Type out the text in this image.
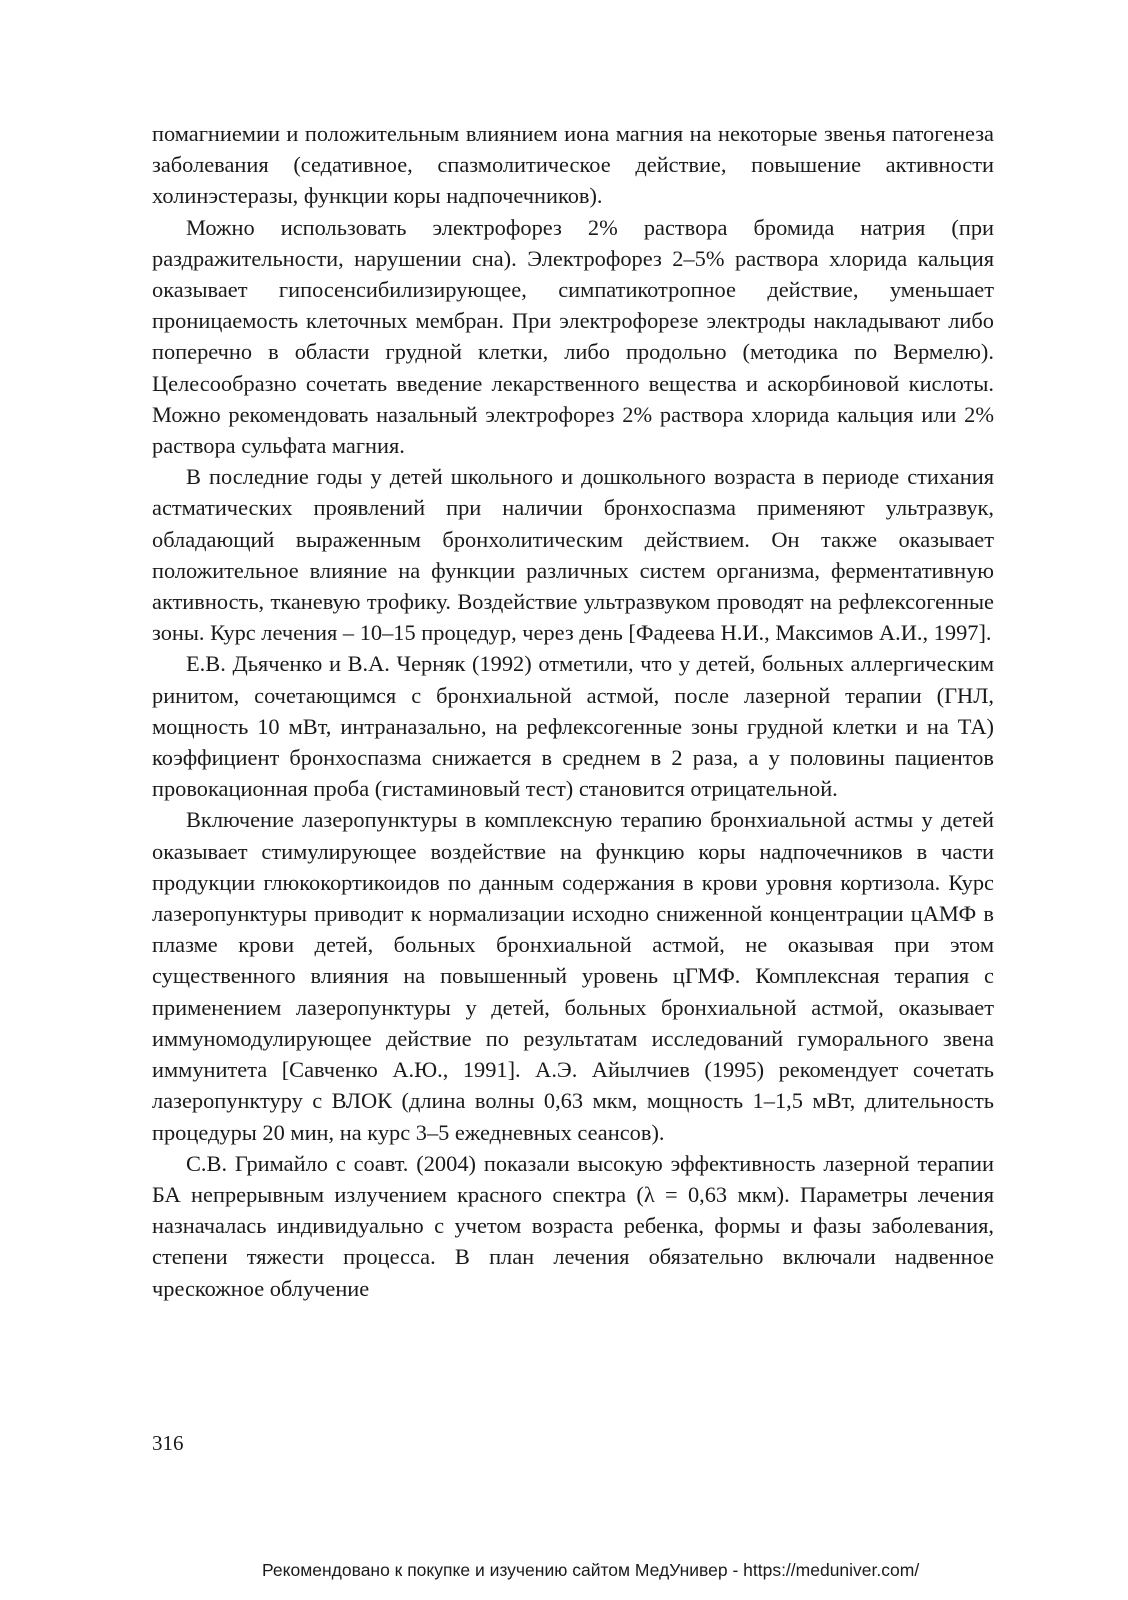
помагниемии и положительным влиянием иона магния на некоторые звенья патогенеза заболевания (седативное, спазмолитическое действие, повышение активности холинэстеразы, функции коры надпочечников).

Можно использовать электрофорез 2% раствора бромида натрия (при раздражительности, нарушении сна). Электрофорез 2–5% раствора хлорида кальция оказывает гипосенсибилизирующее, симпатикотропное действие, уменьшает проницаемость клеточных мембран. При электрофорезе электроды накладывают либо поперечно в области грудной клетки, либо продольно (методика по Вермелю). Целесообразно сочетать введение лекарственного вещества и аскорбиновой кислоты. Можно рекомендовать назальный электрофорез 2% раствора хлорида кальция или 2% раствора сульфата магния.

В последние годы у детей школьного и дошкольного возраста в периоде стихания астматических проявлений при наличии бронхоспазма применяют ультразвук, обладающий выраженным бронхолитическим действием. Он также оказывает положительное влияние на функции различных систем организма, ферментативную активность, тканевую трофику. Воздействие ультразвуком проводят на рефлексогенные зоны. Курс лечения – 10–15 процедур, через день [Фадеева Н.И., Максимов А.И., 1997].

Е.В. Дьяченко и В.А. Черняк (1992) отметили, что у детей, больных аллергическим ринитом, сочетающимся с бронхиальной астмой, после лазерной терапии (ГНЛ, мощность 10 мВт, интраназально, на рефлексогенные зоны грудной клетки и на ТА) коэффициент бронхоспазма снижается в среднем в 2 раза, а у половины пациентов провокационная проба (гистаминовый тест) становится отрицательной.

Включение лазеропунктуры в комплексную терапию бронхиальной астмы у детей оказывает стимулирующее воздействие на функцию коры надпочечников в части продукции глюкокортикоидов по данным содержания в крови уровня кортизола. Курс лазеропунктуры приводит к нормализации исходно сниженной концентрации цАМФ в плазме крови детей, больных бронхиальной астмой, не оказывая при этом существенного влияния на повышенный уровень цГМФ. Комплексная терапия с применением лазеропунктуры у детей, больных бронхиальной астмой, оказывает иммуномодулирующее действие по результатам исследований гуморального звена иммунитета [Савченко А.Ю., 1991]. А.Э. Айылчиев (1995) рекомендует сочетать лазеропунктуру с ВЛОК (длина волны 0,63 мкм, мощность 1–1,5 мВт, длительность процедуры 20 мин, на курс 3–5 ежедневных сеансов).

С.В. Гримайло с соавт. (2004) показали высокую эффективность лазерной терапии БА непрерывным излучением красного спектра (λ = 0,63 мкм). Параметры лечения назначалась индивидуально с учетом возраста ребенка, формы и фазы заболевания, степени тяжести процесса. В план лечения обязательно включали надвенное чрескожное облучение

316
Рекомендовано к покупке и изучению сайтом МедУнивер - https://meduniver.com/
